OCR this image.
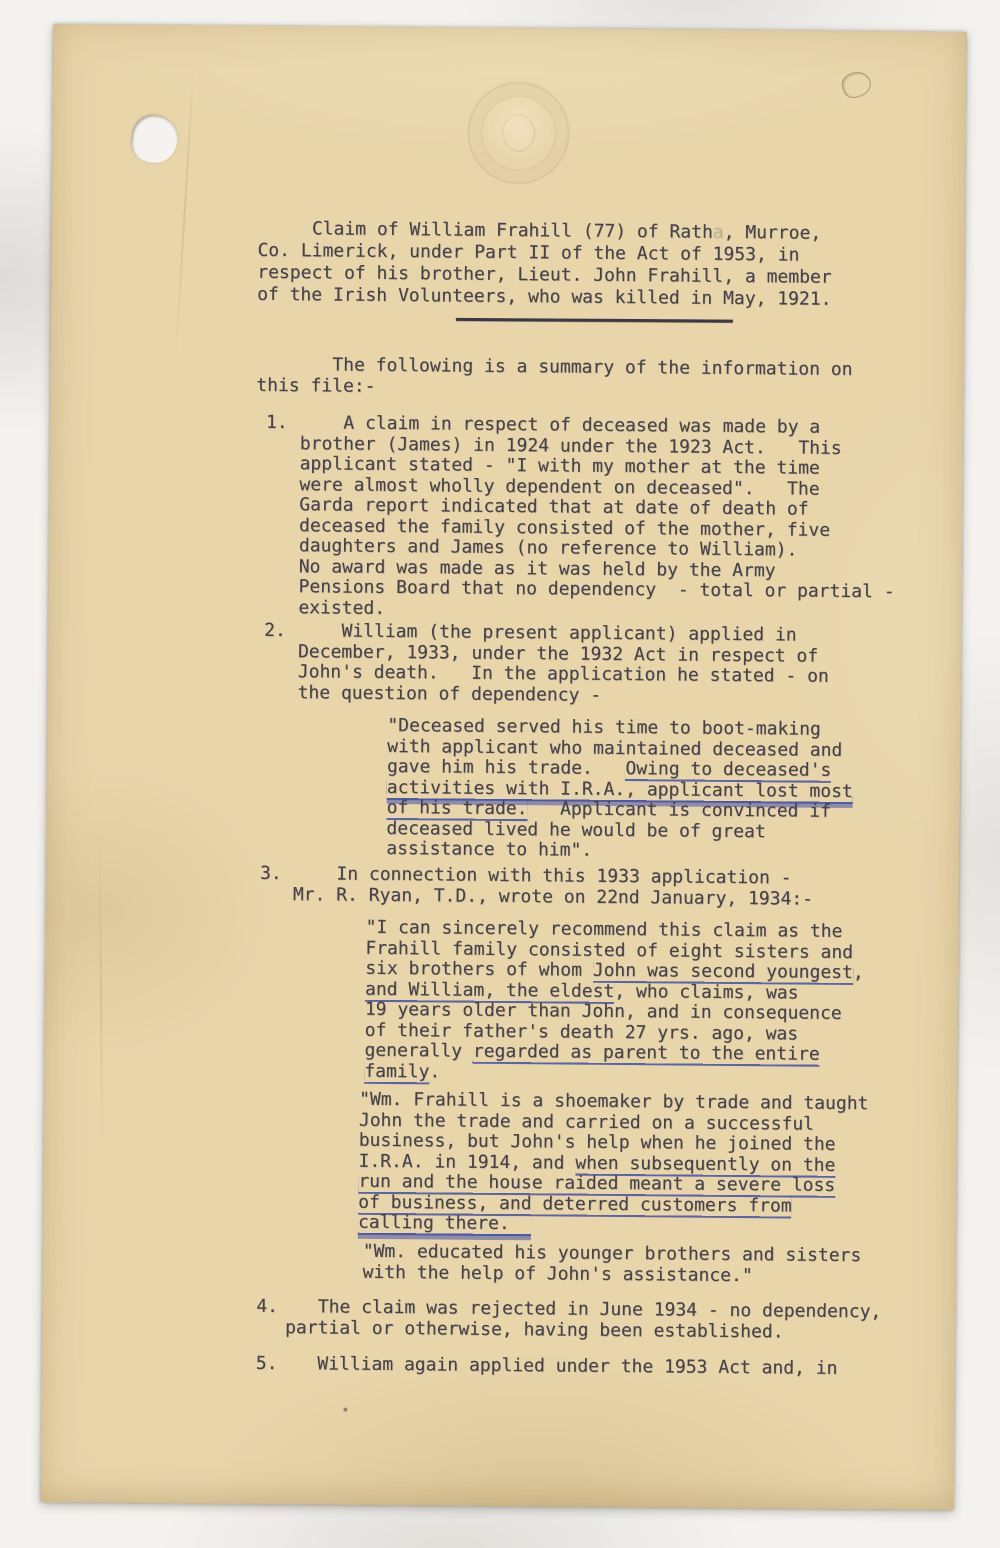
Claim of William Frahill (77) of Ratha, Murroe,
Co. Limerick, under Part II of the Act of 1953, in
respect of his brother, Lieut. John Frahill, a member
of the Irish Volunteers, who was killed in May, 1921.
The following is a summary of the information on
this file:-
1. A claim in respect of deceased was made by a
brother (James) in 1924 under the 1923 Act.   This
applicant stated - "I with my mother at the time
were almost wholly dependent on deceased".   The
Garda report indicated that at date of death of
deceased the family consisted of the mother, five
daughters and James (no reference to William).
No award was made as it was held by the Army
Pensions Board that no dependency  - total or partial -
existed.
2. William (the present applicant) applied in
December, 1933, under the 1932 Act in respect of
John's death.   In the application he stated - on
the question of dependency -
"Deceased served his time to boot-making
with applicant who maintained deceased and
gave him his trade.   Owing to deceased's
activities with I.R.A., applicant lost most
of his trade.   Applicant is convinced if
deceased lived he would be of great
assistance to him".
3. In connection with this 1933 application -
Mr. R. Ryan, T.D., wrote on 22nd January, 1934:-
"I can sincerely recommend this claim as the
Frahill family consisted of eight sisters and
six brothers of whom John was second youngest,
and William, the eldest, who claims, was
19 years older than John, and in consequence
of their father's death 27 yrs. ago, was
generally regarded as parent to the entire
family.
"Wm. Frahill is a shoemaker by trade and taught
John the trade and carried on a successful
business, but John's help when he joined the
I.R.A. in 1914, and when subsequently on the
run and the house raided meant a severe loss
of business, and deterred customers from
calling there.
"Wm. educated his younger brothers and sisters
with the help of John's assistance."
4. The claim was rejected in June 1934 - no dependency,
partial or otherwise, having been established.
5. William again applied under the 1953 Act and, in
